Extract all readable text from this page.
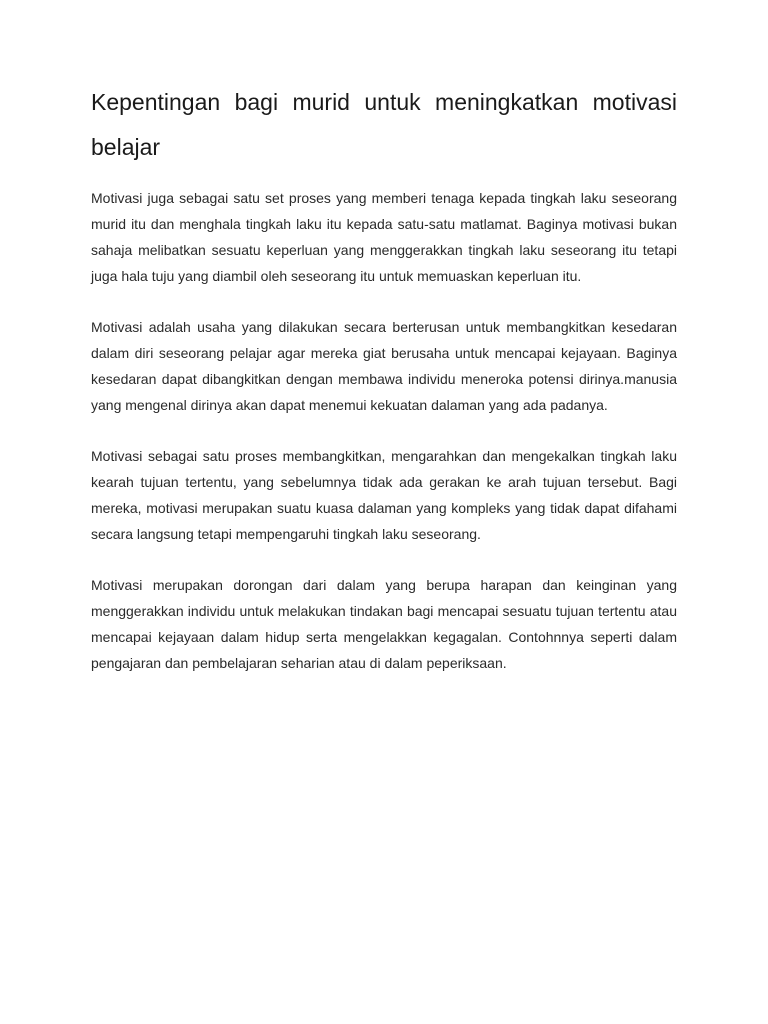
Kepentingan bagi murid untuk meningkatkan motivasi belajar

Motivasi juga sebagai satu set proses yang memberi tenaga kepada tingkah laku seseorang murid itu dan menghala tingkah laku itu kepada satu-satu matlamat. Baginya motivasi bukan sahaja melibatkan sesuatu keperluan yang menggerakkan tingkah laku seseorang itu tetapi juga hala tuju yang diambil oleh seseorang itu untuk memuaskan keperluan itu.

Motivasi adalah usaha yang dilakukan secara berterusan untuk membangkitkan kesedaran dalam diri seseorang pelajar agar mereka giat berusaha untuk mencapai kejayaan. Baginya kesedaran dapat dibangkitkan dengan membawa individu meneroka potensi dirinya.manusia yang mengenal dirinya akan dapat menemui kekuatan dalaman yang ada padanya.

Motivasi sebagai satu proses membangkitkan, mengarahkan dan mengekalkan tingkah laku kearah tujuan tertentu, yang sebelumnya tidak ada gerakan ke arah tujuan tersebut. Bagi mereka, motivasi merupakan suatu kuasa dalaman yang kompleks yang tidak dapat difahami secara langsung tetapi mempengaruhi tingkah laku seseorang.

Motivasi merupakan dorongan dari dalam yang berupa harapan dan keinginan yang menggerakkan individu untuk melakukan tindakan bagi mencapai sesuatu tujuan tertentu atau mencapai kejayaan dalam hidup serta mengelakkan kegagalan. Contohnnya seperti dalam pengajaran dan pembelajaran seharian atau di dalam peperiksaan.
